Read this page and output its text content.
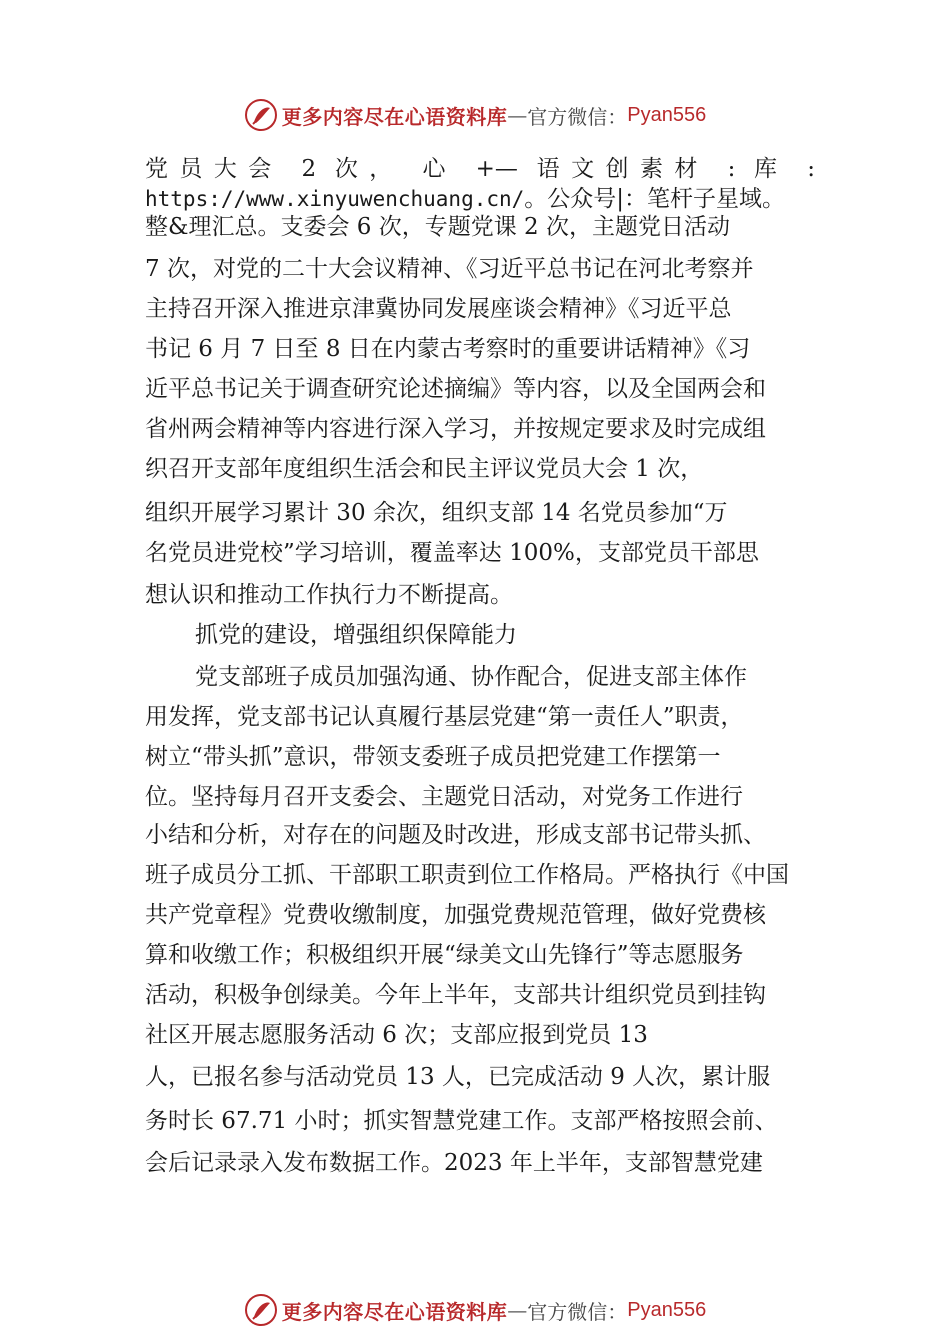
更多内容尽在心语资料库 — 官方微信： Pyan556
党员大会 2 次， 心 +— 语文创素材 : 库 :
https://www.xinyuwenchuang.cn/。公众号|：笔杆子星域。
整&理汇总。支委会 6 次，专题党课 2 次，主题党日活动
7 次，对党的二十大会议精神、《习近平总书记在河北考察并
主持召开深入推进京津冀协同发展座谈会精神》《习近平总
书记 6 月 7 日至 8 日在内蒙古考察时的重要讲话精神》《习
近平总书记关于调查研究论述摘编》等内容，以及全国两会和
省州两会精神等内容进行深入学习，并按规定要求及时完成组
织召开支部年度组织生活会和民主评议党员大会 1 次，
组织开展学习累计 30 余次，组织支部 14 名党员参加“万
名党员进党校”学习培训，覆盖率达 100%，支部党员干部思
想认识和推动工作执行力不断提高。
抓党的建设，增强组织保障能力
党支部班子成员加强沟通、协作配合，促进支部主体作
用发挥，党支部书记认真履行基层党建“第一责任人”职责，
树立“带头抓”意识，带领支委班子成员把党建工作摆第一
位。坚持每月召开支委会、主题党日活动，对党务工作进行
小结和分析，对存在的问题及时改进，形成支部书记带头抓、
班子成员分工抓、干部职工职责到位工作格局。严格执行《中国
共产党章程》党费收缴制度，加强党费规范管理，做好党费核
算和收缴工作；积极组织开展“绿美文山先锋行”等志愿服务
活动，积极争创绿美。今年上半年，支部共计组织党员到挂钩
社区开展志愿服务活动 6 次；支部应报到党员 13
人，已报名参与活动党员 13 人，已完成活动 9 人次，累计服
务时长 67.71 小时；抓实智慧党建工作。支部严格按照会前、
会后记录录入发布数据工作。2023 年上半年，支部智慧党建
更多内容尽在心语资料库 — 官方微信： Pyan556
